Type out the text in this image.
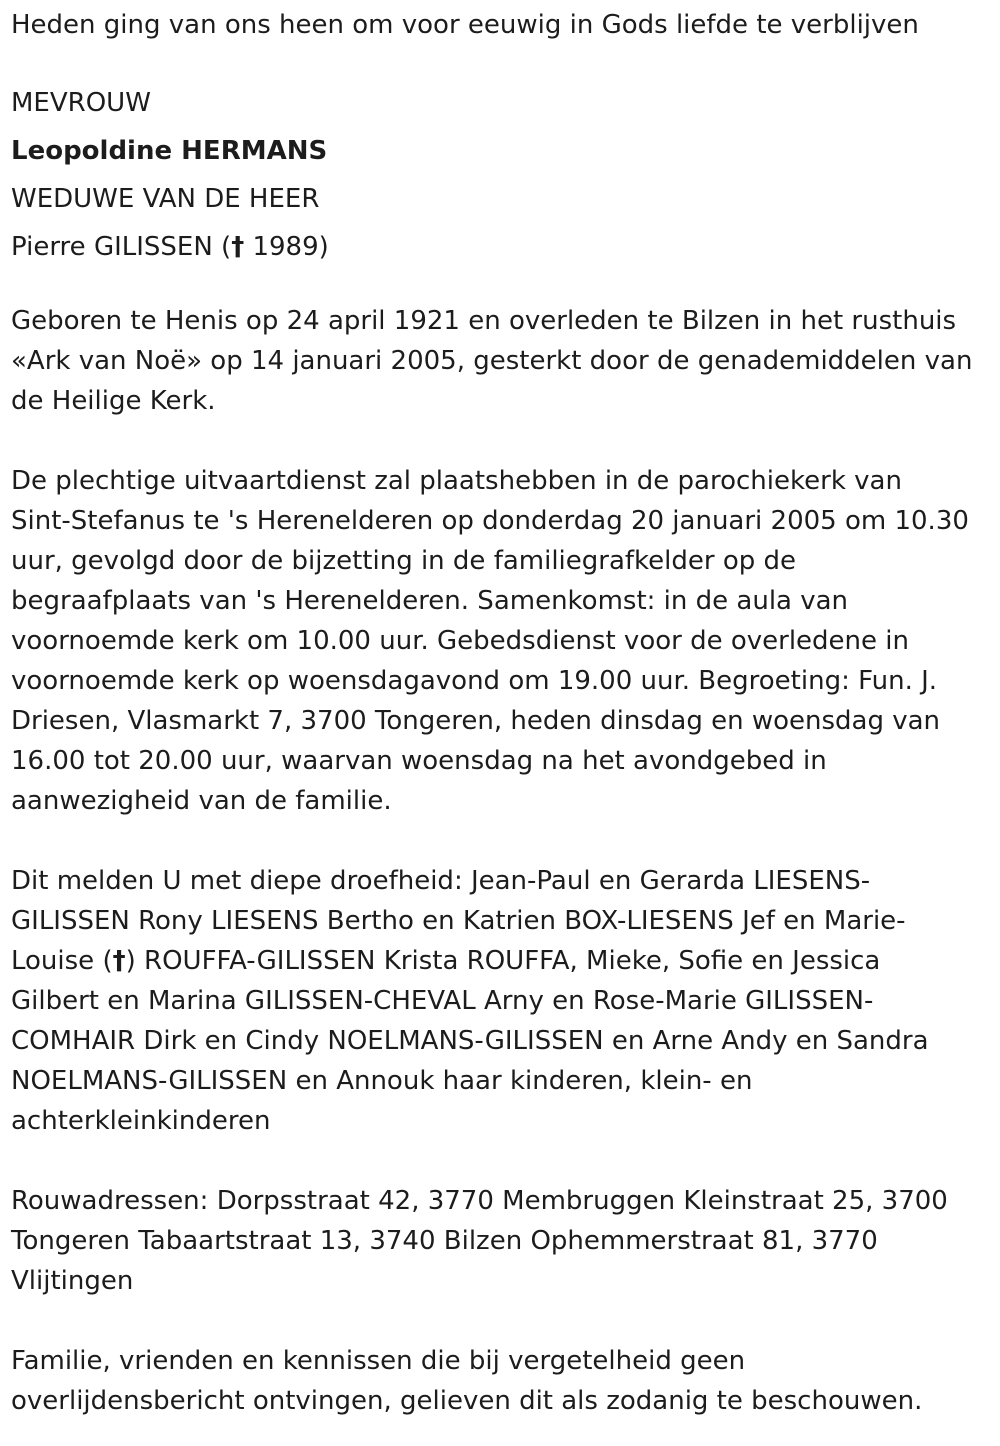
Heden ging van ons heen om voor eeuwig in Gods liefde te verblijven
MEVROUW
Leopoldine HERMANS
WEDUWE VAN DE HEER
Pierre GILISSEN († 1989)
Geboren te Henis op 24 april 1921 en overleden te Bilzen in het rusthuis
«Ark van Noë» op 14 januari 2005, gesterkt door de genademiddelen van
de Heilige Kerk.
De plechtige uitvaartdienst zal plaatshebben in de parochiekerk van
Sint-Stefanus te 's Herenelderen op donderdag 20 januari 2005 om 10.30
uur, gevolgd door de bijzetting in de familiegrafkelder op de
begraafplaats van 's Herenelderen. Samenkomst: in de aula van
voornoemde kerk om 10.00 uur. Gebedsdienst voor de overledene in
voornoemde kerk op woensdagavond om 19.00 uur. Begroeting: Fun. J.
Driesen, Vlasmarkt 7, 3700 Tongeren, heden dinsdag en woensdag van
16.00 tot 20.00 uur, waarvan woensdag na het avondgebed in
aanwezigheid van de familie.
Dit melden U met diepe droefheid: Jean-Paul en Gerarda LIESENS-
GILISSEN Rony LIESENS Bertho en Katrien BOX-LIESENS Jef en Marie-
Louise (†) ROUFFA-GILISSEN Krista ROUFFA, Mieke, Sofie en Jessica
Gilbert en Marina GILISSEN-CHEVAL Arny en Rose-Marie GILISSEN-
COMHAIR Dirk en Cindy NOELMANS-GILISSEN en Arne Andy en Sandra
NOELMANS-GILISSEN en Annouk haar kinderen, klein- en
achterkleinkinderen
Rouwadressen: Dorpsstraat 42, 3770 Membruggen Kleinstraat 25, 3700
Tongeren Tabaartstraat 13, 3740 Bilzen Ophemmerstraat 81, 3770
Vlijtingen
Familie, vrienden en kennissen die bij vergetelheid geen
overlijdensbericht ontvingen, gelieven dit als zodanig te beschouwen.
